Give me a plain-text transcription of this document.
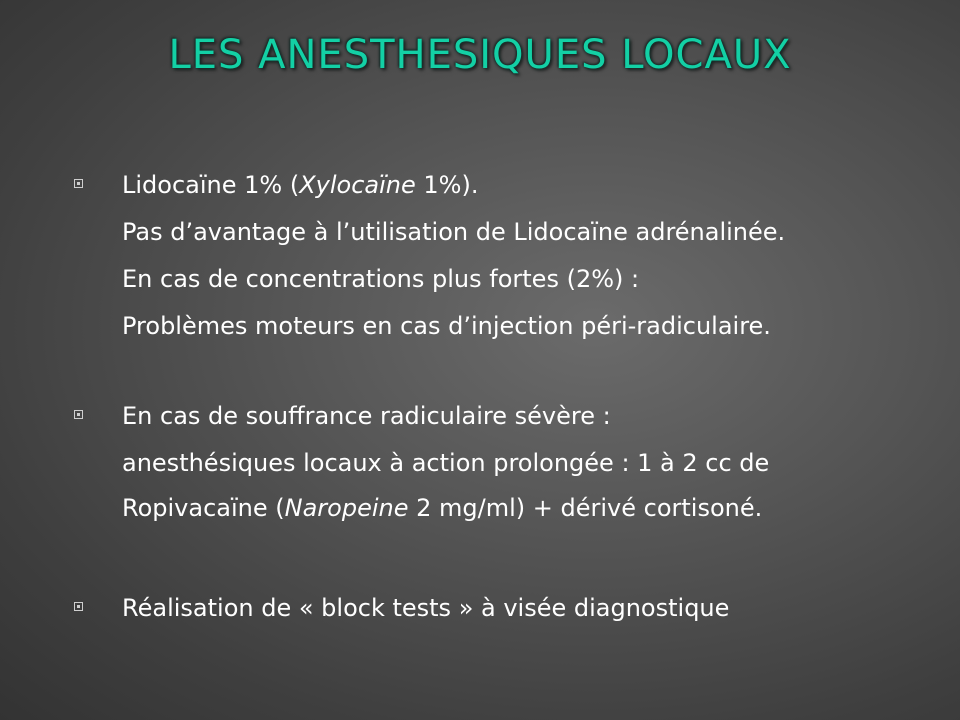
LES ANESTHESIQUES LOCAUX
Lidocaïne 1% (Xylocaïne 1%).
Pas d’avantage à l’utilisation de Lidocaïne adrénalinée.
En cas de concentrations plus fortes (2%) :
Problèmes moteurs en cas d’injection péri-radiculaire.
En cas de souffrance radiculaire sévère :
anesthésiques locaux à action prolongée : 1 à 2 cc de
Ropivacaïne (Naropeine 2 mg/ml) + dérivé cortisoné.
Réalisation de « block tests » à visée diagnostique
